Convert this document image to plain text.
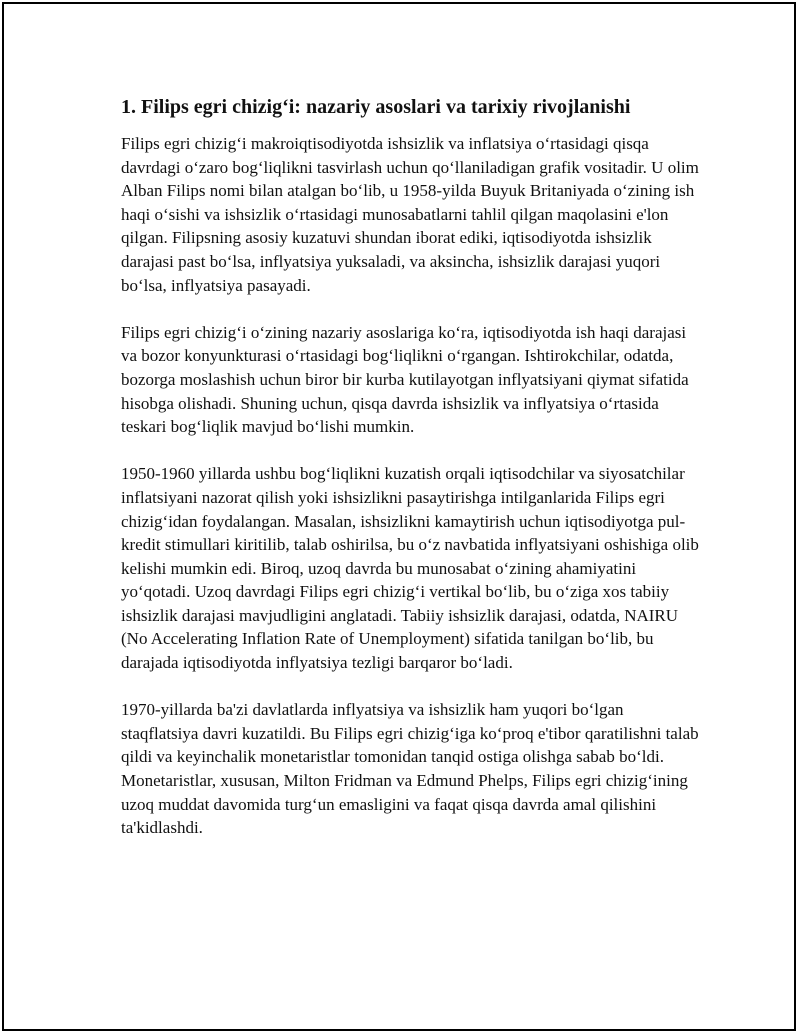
1. Filips egri chizig‘i: nazariy asoslari va tarixiy rivojlanishi

Filips egri chizig‘i makroiqtisodiyotda ishsizlik va inflatsiya o‘rtasidagi qisqa davrdagi o‘zaro bog‘liqlikni tasvirlash uchun qo‘llaniladigan grafik vositadir. U olim Alban Filips nomi bilan atalgan bo‘lib, u 1958-yilda Buyuk Britaniyada o‘zining ish haqi o‘sishi va ishsizlik o‘rtasidagi munosabatlarni tahlil qilgan maqolasini e'lon qilgan. Filipsning asosiy kuzatuvi shundan iborat ediki, iqtisodiyotda ishsizlik darajasi past bo‘lsa, inflyatsiya yuksaladi, va aksincha, ishsizlik darajasi yuqori bo‘lsa, inflyatsiya pasayadi.

Filips egri chizig‘i o‘zining nazariy asoslariga ko‘ra, iqtisodiyotda ish haqi darajasi va bozor konyunkturasi o‘rtasidagi bog‘liqlikni o‘rgangan. Ishtirokchilar, odatda, bozorga moslashish uchun biror bir kurba kutilayotgan inflyatsiyani qiymat sifatida hisobga olishadi. Shuning uchun, qisqa davrda ishsizlik va inflyatsiya o‘rtasida teskari bog‘liqlik mavjud bo‘lishi mumkin.

1950-1960 yillarda ushbu bog‘liqlikni kuzatish orqali iqtisodchilar va siyosatchilar inflatsiyani nazorat qilish yoki ishsizlikni pasaytirishga intilganlarida Filips egri chizig‘idan foydalangan. Masalan, ishsizlikni kamaytirish uchun iqtisodiyotga pul-kredit stimullari kiritilib, talab oshirilsa, bu o‘z navbatida inflyatsiyani oshishiga olib kelishi mumkin edi. Biroq, uzoq davrda bu munosabat o‘zining ahamiyatini yo‘qotadi. Uzoq davrdagi Filips egri chizig‘i vertikal bo‘lib, bu o‘ziga xos tabiiy ishsizlik darajasi mavjudligini anglatadi. Tabiiy ishsizlik darajasi, odatda, NAIRU (No Accelerating Inflation Rate of Unemployment) sifatida tanilgan bo‘lib, bu darajada iqtisodiyotda inflyatsiya tezligi barqaror bo‘ladi.

1970-yillarda ba'zi davlatlarda inflyatsiya va ishsizlik ham yuqori bo‘lgan staqflatsiya davri kuzatildi. Bu Filips egri chizig‘iga ko‘proq e'tibor qaratilishni talab qildi va keyinchalik monetaristlar tomonidan tanqid ostiga olishga sabab bo‘ldi. Monetaristlar, xususan, Milton Fridman va Edmund Phelps, Filips egri chizig‘ining uzoq muddat davomida turg‘un emasligini va faqat qisqa davrda amal qilishini ta'kidlashdi.
